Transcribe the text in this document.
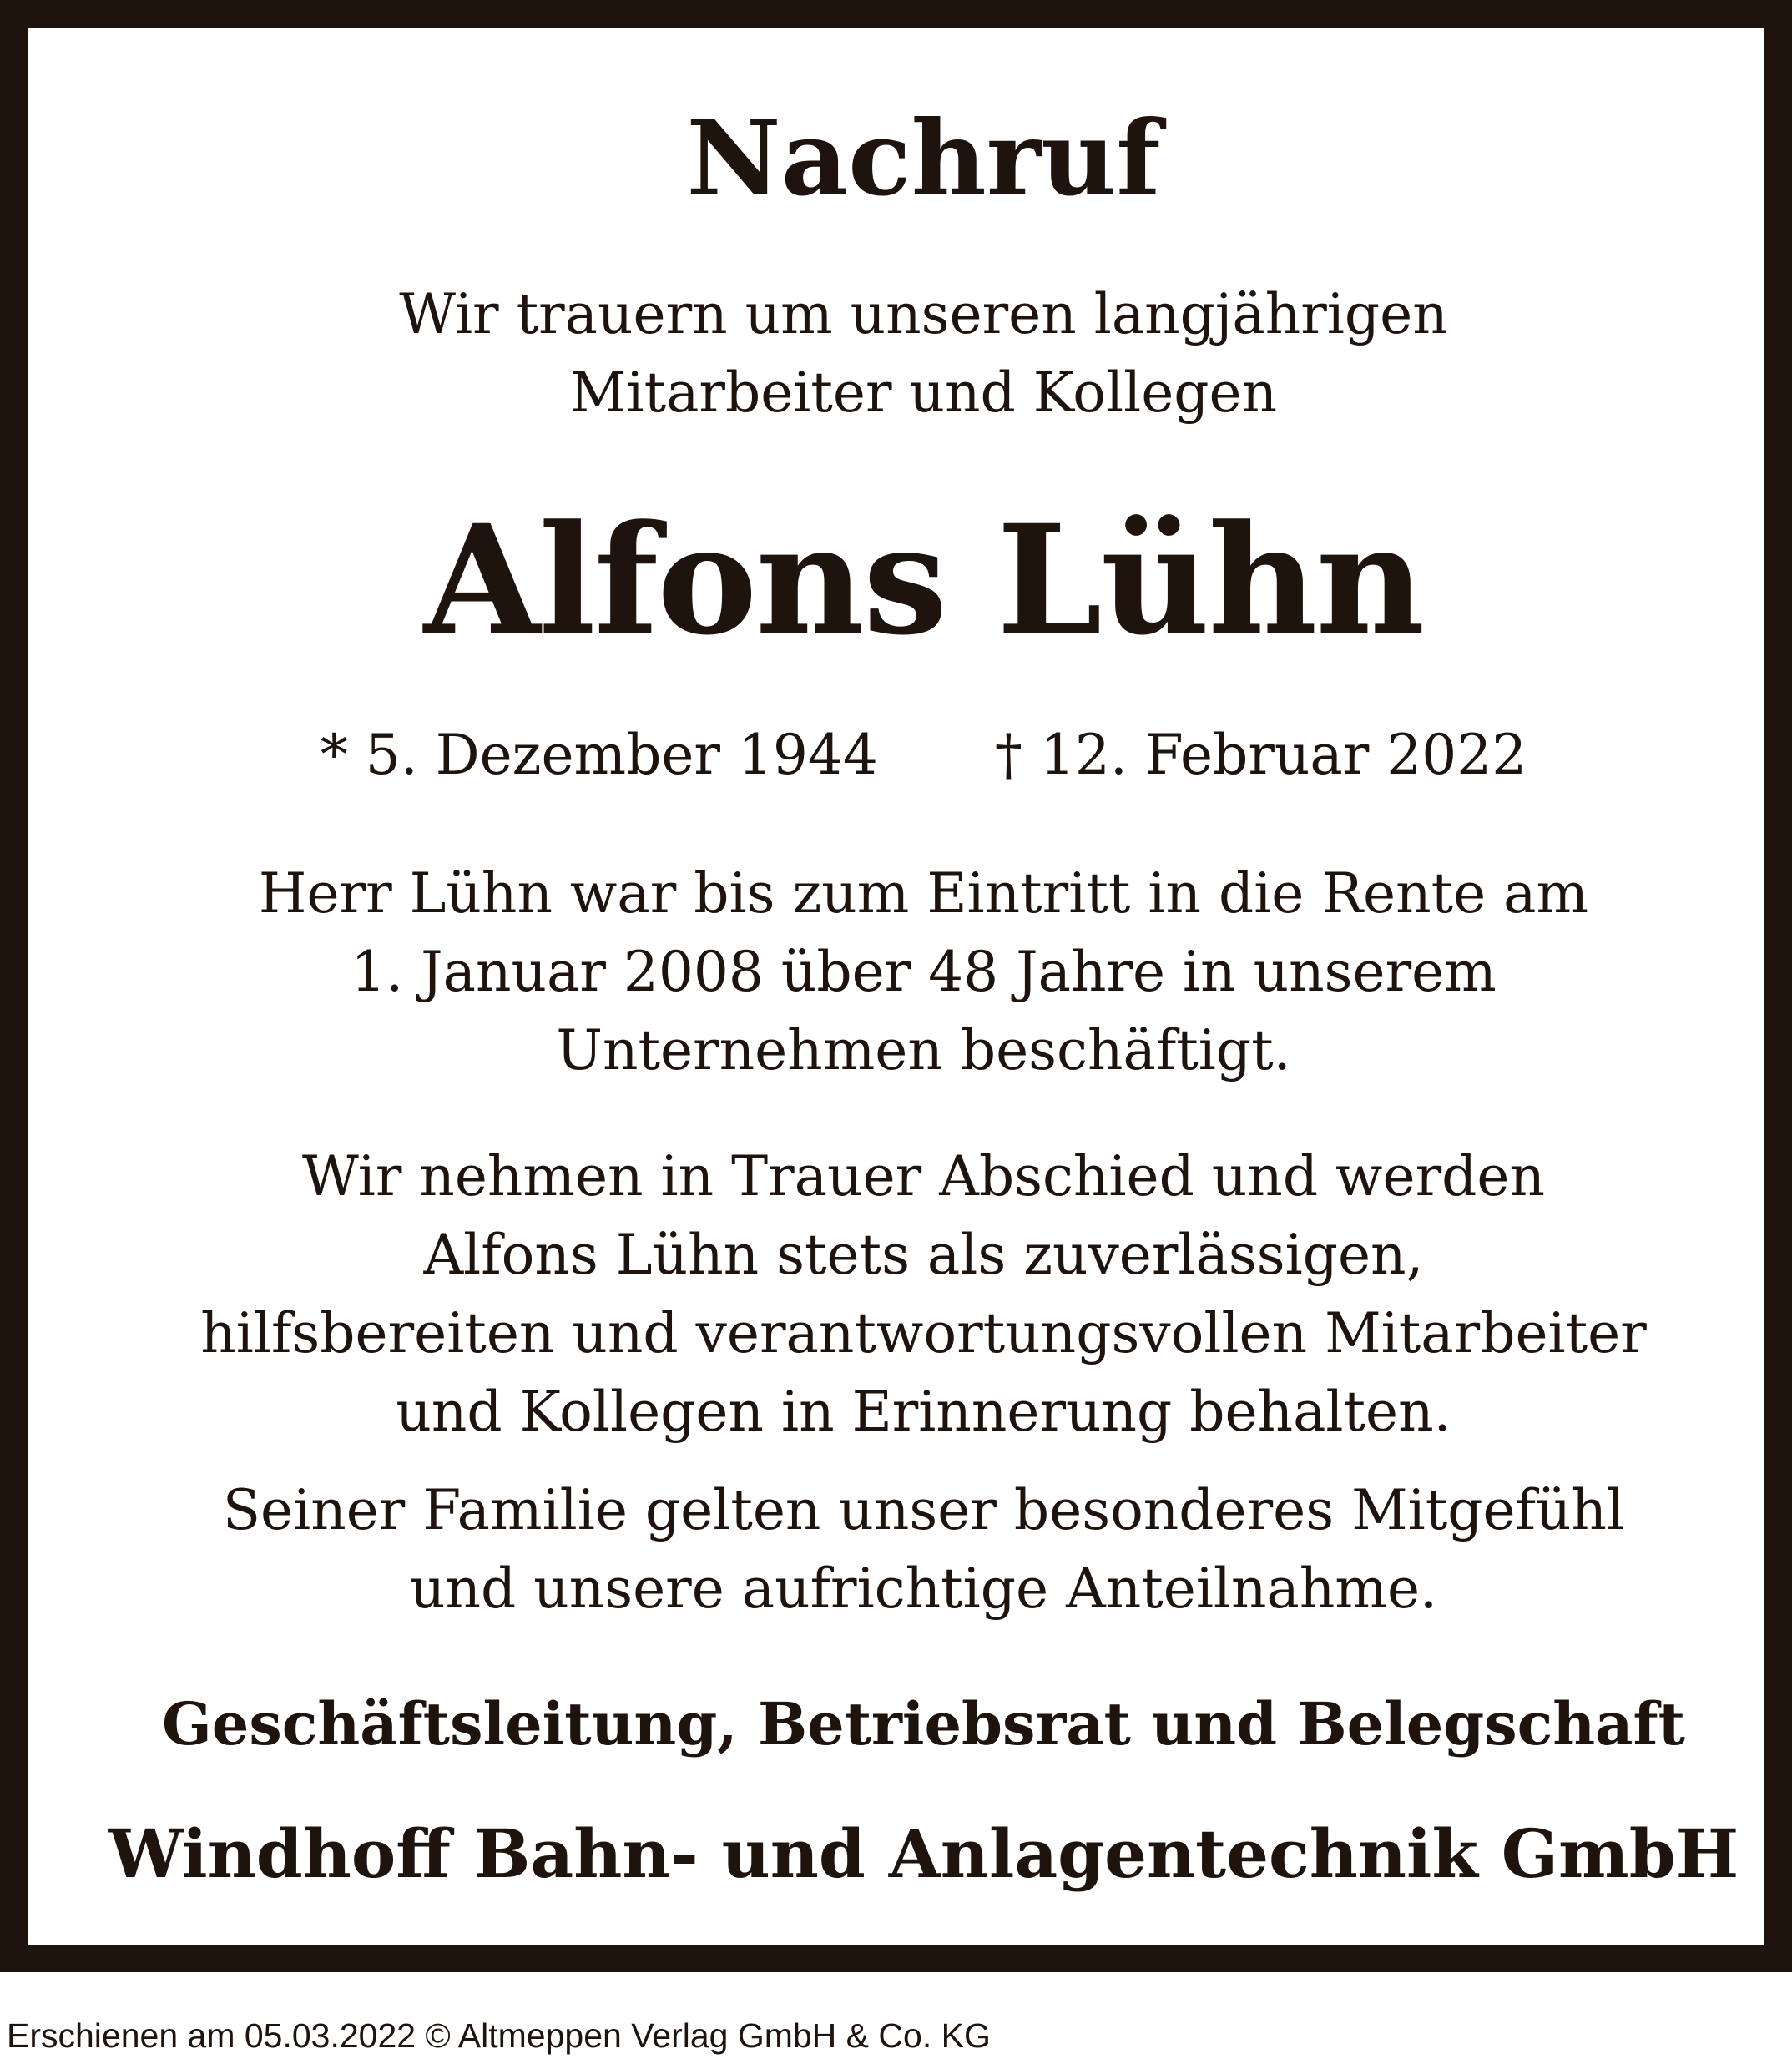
Nachruf
Wir trauern um unseren langjährigen
Mitarbeiter und Kollegen
Alfons Lühn
* 5. Dezember 1944 † 12. Februar 2022
Herr Lühn war bis zum Eintritt in die Rente am
1. Januar 2008 über 48 Jahre in unserem
Unternehmen beschäftigt.
Wir nehmen in Trauer Abschied und werden
Alfons Lühn stets als zuverlässigen,
hilfsbereiten und verantwortungsvollen Mitarbeiter
und Kollegen in Erinnerung behalten.
Seiner Familie gelten unser besonderes Mitgefühl
und unsere aufrichtige Anteilnahme.
Geschäftsleitung, Betriebsrat und Belegschaft
Windhoff Bahn- und Anlagentechnik GmbH
Erschienen am 05.03.2022 © Altmeppen Verlag GmbH & Co. KG
